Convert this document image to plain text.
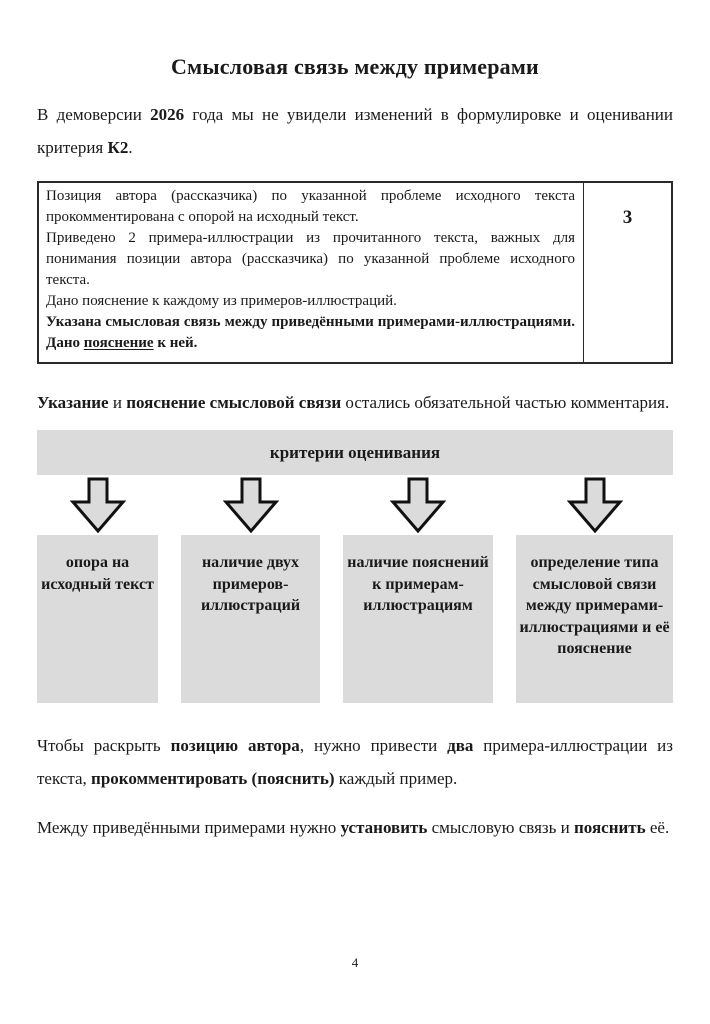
Смысловая связь между примерами

В демоверсии 2026 года мы не увидели изменений в формулировке и оценивании критерия К2.

Позиция автора (рассказчика) по указанной проблеме исходного текста прокомментирована с опорой на исходный текст.

Приведено 2 примера-иллюстрации из прочитанного текста, важных для понимания позиции автора (рассказчика) по указанной проблеме исходного текста.

Дано пояснение к каждому из примеров-иллюстраций.

Указана смысловая связь между приведёнными примерами-иллюстрациями. Дано пояснение к ней.

	3

Указание и пояснение смысловой связи остались обязательной частью комментария.

критерии оценивания
опора на исходный текст
наличие двух примеров-иллюстраций
наличие пояснений к примерам-иллюстрациям
определение типа смысловой связи между примерами-иллюстрациями и её пояснение

Чтобы раскрыть позицию автора, нужно привести два примера-иллюстрации из текста, прокомментировать (пояснить) каждый пример.

Между приведёнными примерами нужно установить смысловую связь и пояснить её.

4
